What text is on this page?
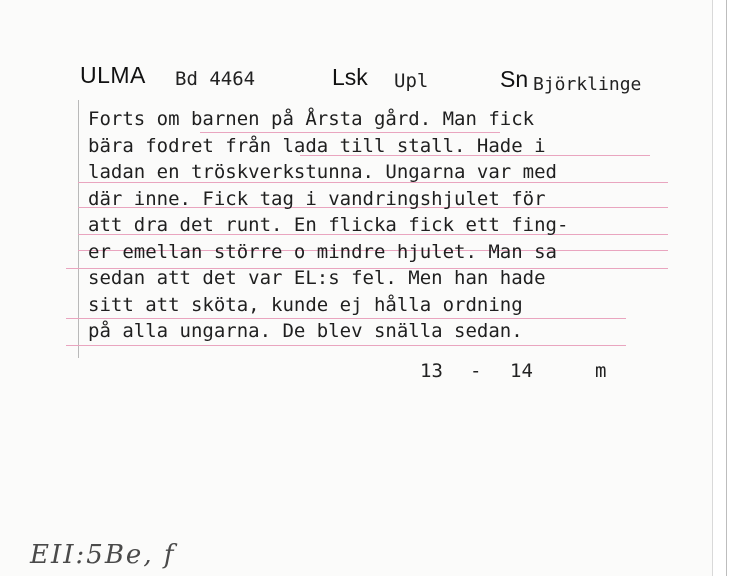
ULMA Bd 4464	Lsk Upl	Sn Björklinge
Forts om barnen på Årsta gård. Man fick
bära fodret från lada till stall. Hade i
ladan en tröskverkstunna. Ungarna var med
där inne. Fick tag i vandringshjulet för
att dra det runt. En flicka fick ett fing-
er emellan större o mindre hjulet. Man sa
sedan att det var EL:s fel. Men han hade
sitt att sköta, kunde ej hålla ordning
på alla ungarna. De blev snälla sedan.
13 - 14	m
EII:5Be, f
